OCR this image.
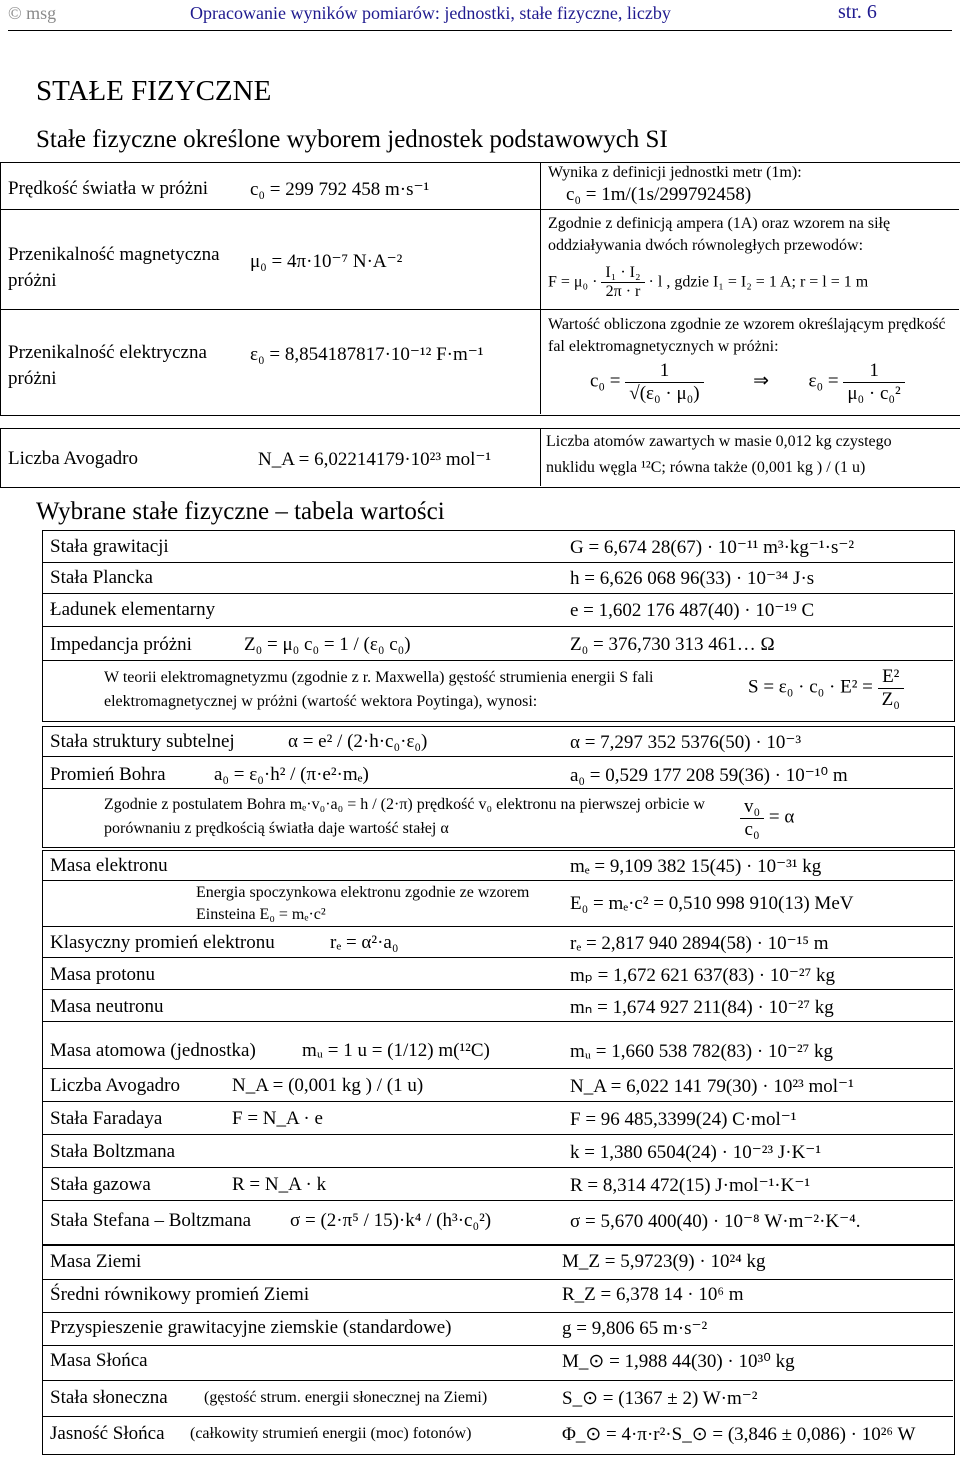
© msg	Opracowanie wyników pomiarów: jednostki, stałe fizyczne, liczby	str. 6
STAŁE FIZYCZNE
Stałe fizyczne określone wyborem jednostek podstawowych SI
Prędkość światła w próżni c₀ = 299 792 458 m·s⁻¹
Wynika z definicji jednostki metr (1m):
c₀ = 1m/(1s/299792458)
Przenikalność magnetyczna próżni
μ₀ = 4π·10⁻⁷ N·A⁻²
Zgodnie z definicją ampera (1A) oraz wzorem na siłę oddziaływania dwóch równoległych przewodów:
$F = \mu_0 \cdot \frac{\text{I₁ · I₂}}{2\pi \cdot r} \cdot l$ , gdzie I₁ = I₂ = 1 A; r = l = 1 m
Przenikalność elektryczna próżni
ε₀ = 8,854187817·10⁻¹² F·m⁻¹
Wartość obliczona zgodnie ze wzorem określającym prędkość fal elektromagnetycznych w próżni:
$c_0 = \frac{1}{\text{√(ε₀ · μ₀)}}$	⇒ $\varepsilon_0 = \frac{1}{\text{μ₀ · c₀²}}$
Liczba Avogadro	N_A = 6,02214179·10²³ mol⁻¹
Liczba atomów zawartych w masie 0,012 kg czystego
nuklidu węgla ¹²C; równa także (0,001 kg ) / (1 u)
Wybrane stałe fizyczne – tabela wartości
Stała grawitacji	G = 6,674 28(67) · 10⁻¹¹ m³·kg⁻¹·s⁻²
Stała Plancka	h = 6,626 068 96(33) · 10⁻³⁴ J·s
Ładunek elementarny	e = 1,602 176 487(40) · 10⁻¹⁹ C
Impedancja próżni	Z₀ = μ₀ c₀ = 1 / (ε₀ c₀)	Z₀ = 376,730 313 461… Ω
W teorii elektromagnetyzmu (zgodnie z r. Maxwella) gęstość strumienia energii S fali elektromagnetycznej w próżni (wartość wektora Poytinga), wynosi:
$S = \varepsilon_0 \cdot c_0 \cdot E^2 = \frac{\text{E²}}{\text{Z₀}}$
Stała struktury subtelnej	α = e² / (2·h·c₀·ε₀)	α = 7,297 352 5376(50) · 10⁻³
Promień Bohra	a₀ = ε₀·h² / (π·e²·mₑ)	a₀ = 0,529 177 208 59(36) · 10⁻¹⁰ m
Zgodnie z postulatem Bohra mₑ·v₀·a₀ = h / (2·π) prędkość v₀ elektronu na pierwszej orbicie w porównaniu z prędkością światła daje wartość stałej α	$\frac{\text{v₀}}{\text{c₀}} = \alpha$
Masa elektronu	mₑ = 9,109 382 15(45) · 10⁻³¹ kg
Energia spoczynkowa elektronu zgodnie ze wzorem Einsteina E₀ = mₑ·c²
E₀ = mₑ·c² = 0,510 998 910(13) MeV
Klasyczny promień elektronu	rₑ = α²·a₀	rₑ = 2,817 940 2894(58) · 10⁻¹⁵ m
Masa protonu	mₚ = 1,672 621 637(83) · 10⁻²⁷ kg
Masa neutronu	mₙ = 1,674 927 211(84) · 10⁻²⁷ kg
Masa atomowa (jednostka) mᵤ = 1 u = (1/12) m(¹²C)	mᵤ = 1,660 538 782(83) · 10⁻²⁷ kg
Liczba Avogadro	N_A = (0,001 kg ) / (1 u)	N_A = 6,022 141 79(30) · 10²³ mol⁻¹
Stała Faradaya	F = N_A · e	F = 96 485,3399(24) C·mol⁻¹
Stała Boltzmana	k = 1,380 6504(24) · 10⁻²³ J·K⁻¹
Stała gazowa	R = N_A · k	R = 8,314 472(15) J·mol⁻¹·K⁻¹
Stała Stefana – Boltzmana σ = (2·π⁵ / 15)·k⁴ / (h³·c₀²)	σ = 5,670 400(40) · 10⁻⁸ W·m⁻²·K⁻⁴.
Masa Ziemi	M_Z = 5,9723(9) · 10²⁴ kg
Średni równikowy promień Ziemi	R_Z = 6,378 14 · 10⁶ m
Przyspieszenie grawitacyjne ziemskie (standardowe)	g = 9,806 65 m·s⁻²
Masa Słońca	M_⊙ = 1,988 44(30) · 10³⁰ kg
Stała słoneczna (gęstość strum. energii słonecznej na Ziemi)	S_⊙ = (1367 ± 2) W·m⁻²
Jasność Słońca (całkowity strumień energii (moc) fotonów)	Φ_⊙ = 4·π·r²·S_⊙ = (3,846 ± 0,086) · 10²⁶ W
